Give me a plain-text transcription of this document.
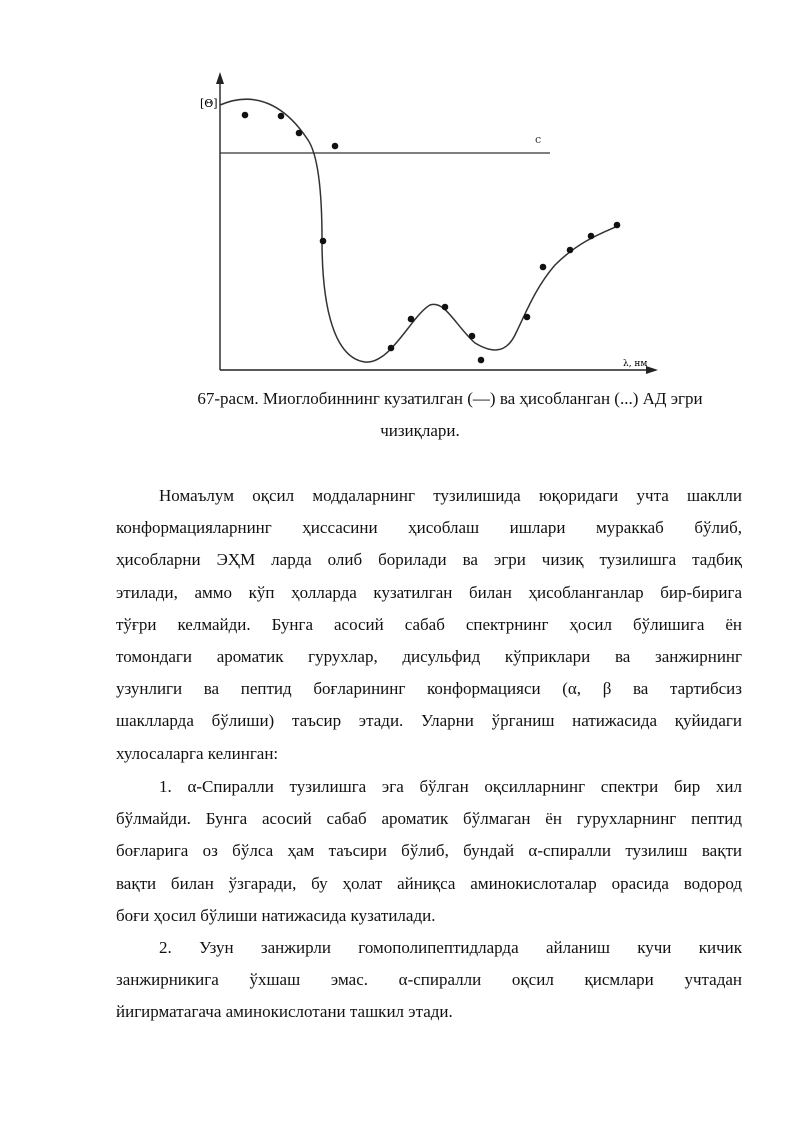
[Θ]
λ, нм
c
67-расм. Миоглобиннинг кузатилган (—) ва ҳисобланган (...) АД эгри
чизиқлари.
Номаълум оқсил моддаларнинг тузилишида юқоридаги учта шаклли
конформацияларнинг ҳиссасини ҳисоблаш ишлари мураккаб бўлиб,
ҳисобларни ЭҲМ ларда олиб борилади ва эгри чизиқ тузилишга тадбиқ
этилади, аммо кўп ҳолларда кузатилган билан ҳисобланганлар бир-бирига
тўғри келмайди. Бунга асосий сабаб спектрнинг ҳосил бўлишига ён
томондаги ароматик гурухлар, дисульфид кўприклари ва занжирнинг
узунлиги ва пептид боғларининг конформацияси (α, β ва тартибсиз
шаклларда бўлиши) таъсир этади. Уларни ўрганиш натижасида қуйидаги
хулосаларга келинган:
1. α-Спиралли тузилишга эга бўлган оқсилларнинг спектри бир хил
бўлмайди. Бунга асосий сабаб ароматик бўлмаган ён гурухларнинг пептид
боғларига оз бўлса ҳам таъсири бўлиб, бундай α-спиралли тузилиш вақти
вақти билан ўзгаради, бу ҳолат айниқса аминокислоталар орасида водород
боғи ҳосил бўлиши натижасида кузатилади.
2. Узун занжирли гомополипептидларда айланиш кучи кичик
занжирникига ўхшаш эмас. α-спиралли оқсил қисмлари учтадан
йигирматагача аминокислотани ташкил этади.
